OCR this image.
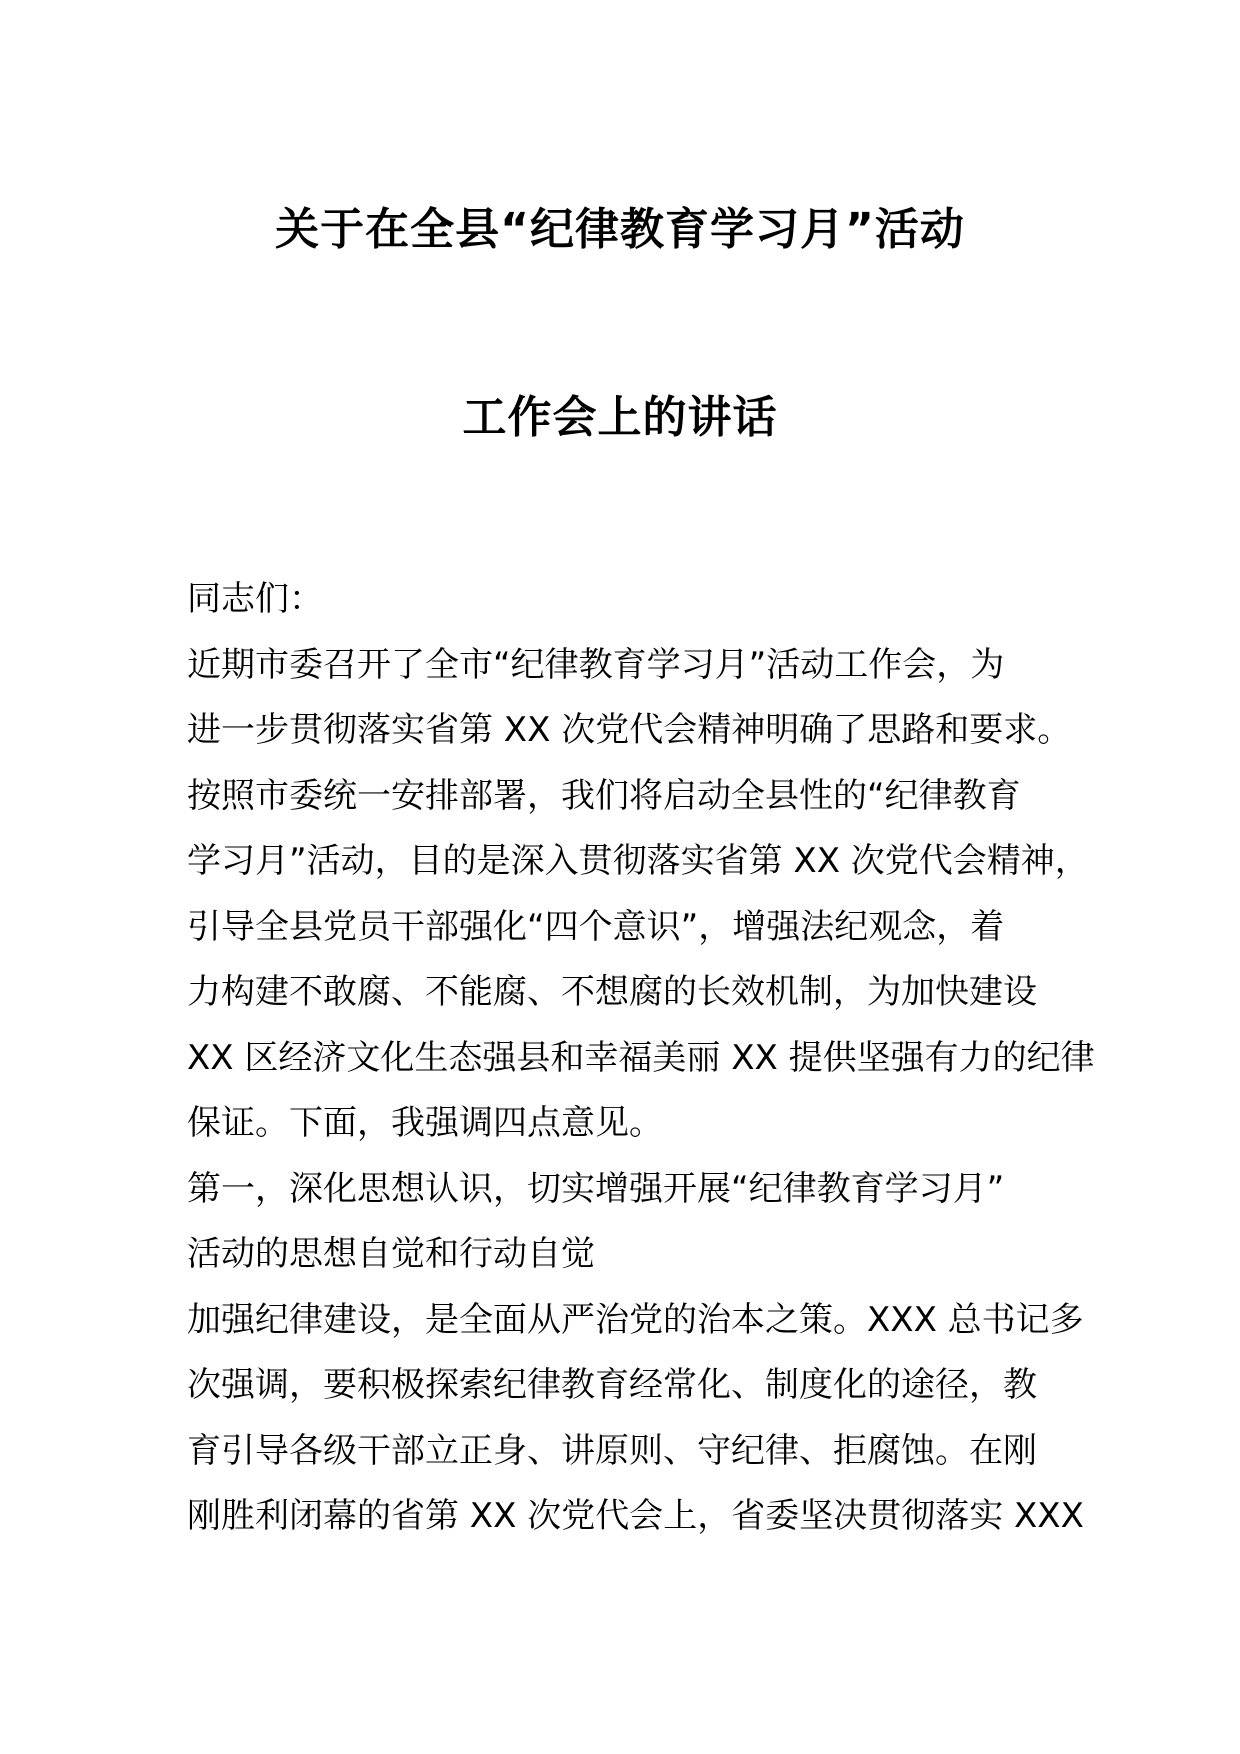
关于在全县“纪律教育学习月”活动
工作会上的讲话
同志们：
近期市委召开了全市“纪律教育学习月”活动工作会，为
进一步贯彻落实省第 XX 次党代会精神明确了思路和要求。
按照市委统一安排部署，我们将启动全县性的“纪律教育
学习月”活动，目的是深入贯彻落实省第 XX 次党代会精神，
引导全县党员干部强化“四个意识”，增强法纪观念，着
力构建不敢腐、不能腐、不想腐的长效机制，为加快建设
XX 区经济文化生态强县和幸福美丽 XX 提供坚强有力的纪律
保证。下面，我强调四点意见。
第一，深化思想认识，切实增强开展“纪律教育学习月”
活动的思想自觉和行动自觉
加强纪律建设，是全面从严治党的治本之策。XXX 总书记多
次强调，要积极探索纪律教育经常化、制度化的途径，教
育引导各级干部立正身、讲原则、守纪律、拒腐蚀。在刚
刚胜利闭幕的省第 XX 次党代会上，省委坚决贯彻落实 XXX
